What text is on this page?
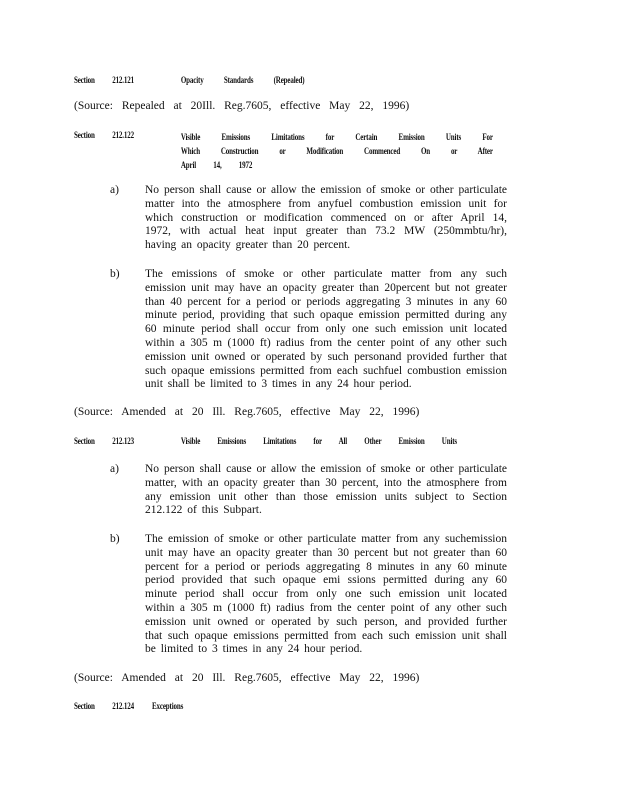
Section 212.121	Opacity Standards (Repealed)
(Source: Repealed at 20Ill. Reg.7605, effective May 22, 1996)
Section 212.122	Visible Emissions Limitations for Certain Emission Units For Which Construction or Modification Commenced On or After April 14, 1972
a) No person shall cause or allow the emission of smoke or other particulate matter into the atmosphere from anyfuel combustion emission unit for which construction or modification commenced on or after April 14, 1972, with actual heat input greater than 73.2 MW (250mmbtu/hr), having an opacity greater than 20 percent.
b) The emissions of smoke or other particulate matter from any such emission unit may have an opacity greater than 20percent but not greater than 40 percent for a period or periods aggregating 3 minutes in any 60 minute period, providing that such opaque emission permitted during any 60 minute period shall occur from only one such emission unit located within a 305 m (1000 ft) radius from the center point of any other such emission unit owned or operated by such personand provided further that such opaque emissions permitted from each suchfuel combustion emission unit shall be limited to 3 times in any 24 hour period.
(Source: Amended at 20 Ill. Reg.7605, effective May 22, 1996)
Section 212.123	Visible Emissions Limitations for All Other Emission Units
a) No person shall cause or allow the emission of smoke or other particulate matter, with an opacity greater than 30 percent, into the atmosphere from any emission unit other than those emission units subject to Section 212.122 of this Subpart.
b) The emission of smoke or other particulate matter from any suchemission unit may have an opacity greater than 30 percent but not greater than 60 percent for a period or periods aggregating 8 minutes in any 60 minute period provided that such opaque emi ssions permitted during any 60 minute period shall occur from only one such emission unit located within a 305 m (1000 ft) radius from the center point of any other such emission unit owned or operated by such person, and provided further that such opaque emissions permitted from each such emission unit shall be limited to 3 times in any 24 hour period.
(Source: Amended at 20 Ill. Reg.7605, effective May 22, 1996)
Section 212.124 Exceptions
